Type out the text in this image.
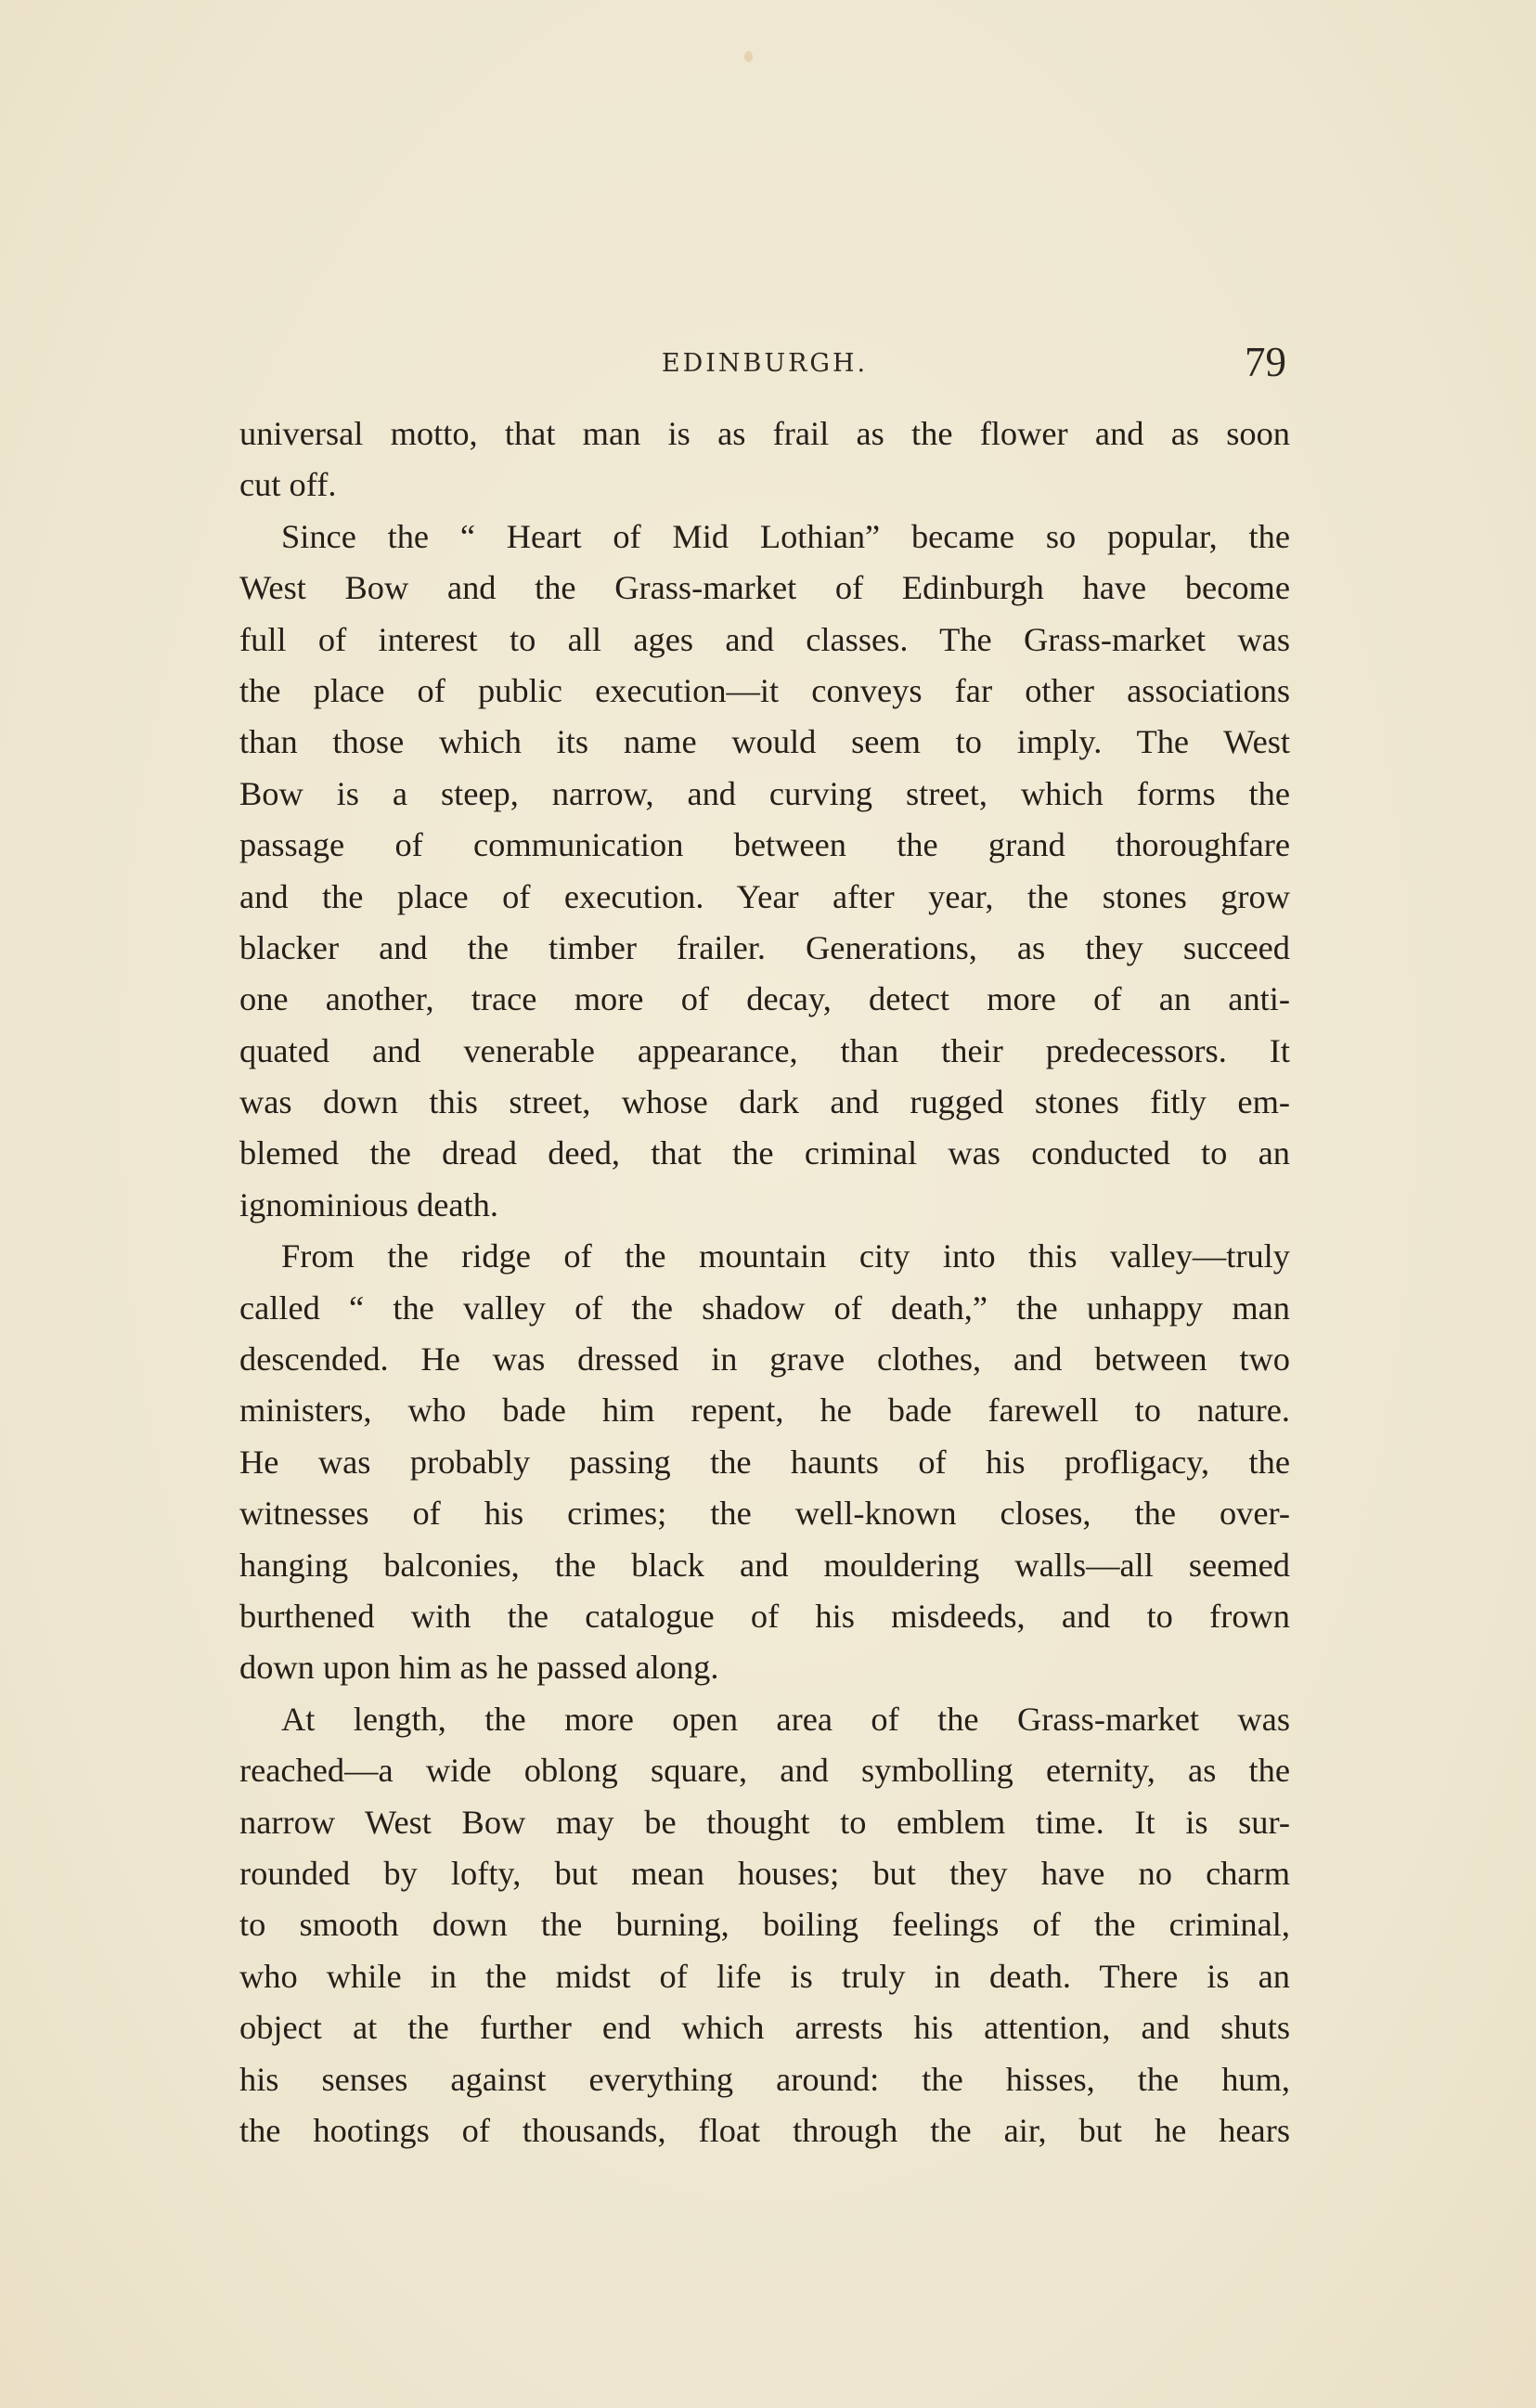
EDINBURGH.	79
universal motto, that man is as frail as the flower and as soon
cut off.
Since the “ Heart of Mid Lothian” became so popular, the
West Bow and the Grass-market of Edinburgh have become
full of interest to all ages and classes. The Grass-market was
the place of public execution—it conveys far other associations
than those which its name would seem to imply. The West
Bow is a steep, narrow, and curving street, which forms the
passage of communication between the grand thoroughfare
and the place of execution. Year after year, the stones grow
blacker and the timber frailer. Generations, as they succeed
one another, trace more of decay, detect more of an anti-
quated and venerable appearance, than their predecessors. It
was down this street, whose dark and rugged stones fitly em-
blemed the dread deed, that the criminal was conducted to an
ignominious death.
From the ridge of the mountain city into this valley—truly
called “ the valley of the shadow of death,” the unhappy man
descended. He was dressed in grave clothes, and between two
ministers, who bade him repent, he bade farewell to nature.
He was probably passing the haunts of his profligacy, the
witnesses of his crimes; the well-known closes, the over-
hanging balconies, the black and mouldering walls—all seemed
burthened with the catalogue of his misdeeds, and to frown
down upon him as he passed along.
At length, the more open area of the Grass-market was
reached—a wide oblong square, and symbolling eternity, as the
narrow West Bow may be thought to emblem time. It is sur-
rounded by lofty, but mean houses; but they have no charm
to smooth down the burning, boiling feelings of the criminal,
who while in the midst of life is truly in death. There is an
object at the further end which arrests his attention, and shuts
his senses against everything around: the hisses, the hum,
the hootings of thousands, float through the air, but he hears
